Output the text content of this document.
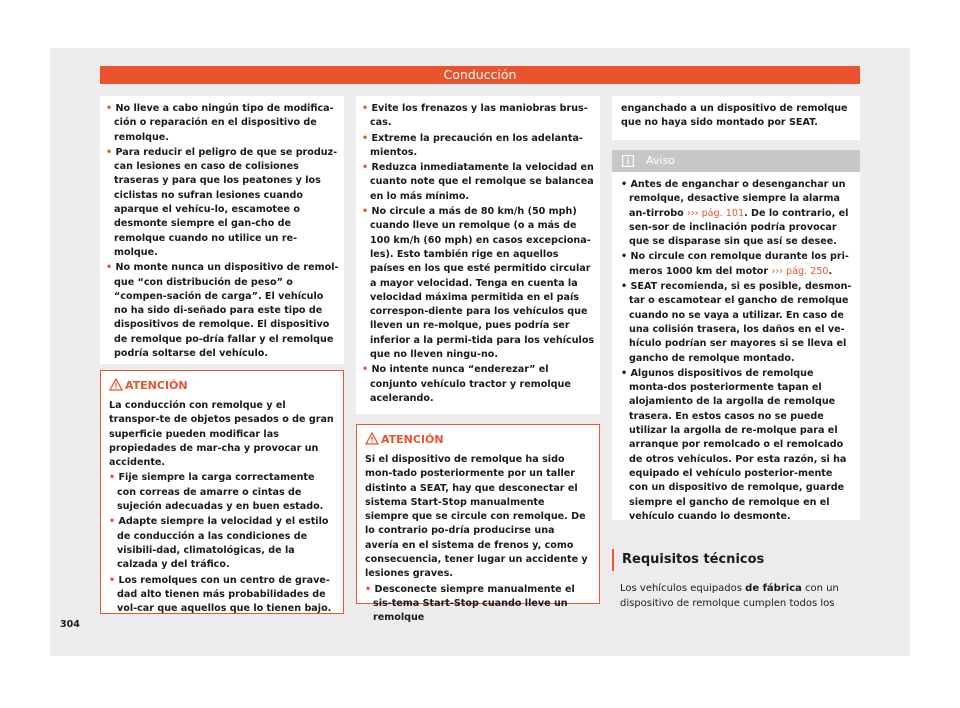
Conducción

• No lleve a cabo ningún tipo de modifica-ción o reparación en el dispositivo de remolque.

• Para reducir el peligro de que se produz-can lesiones en caso de colisiones traseras y para que los peatones y los ciclistas no sufran lesiones cuando aparque el vehícu-lo, escamotee o desmonte siempre el gan-cho de remolque cuando no utilice un re-molque.

• No monte nunca un dispositivo de remol-que “con distribución de peso” o “compen-sación de carga”. El vehículo no ha sido di-señado para este tipo de dispositivos de remolque. El dispositivo de remolque po-dría fallar y el remolque podría soltarse del vehículo.

ATENCIÓN

La conducción con remolque y el transpor-te de objetos pesados o de gran superficie pueden modificar las propiedades de mar-cha y provocar un accidente.

• Fije siempre la carga correctamente con correas de amarre o cintas de sujeción adecuadas y en buen estado.

• Adapte siempre la velocidad y el estilo de conducción a las condiciones de visibili-dad, climatológicas, de la calzada y del tráfico.

• Los remolques con un centro de grave-dad alto tienen más probabilidades de vol-car que aquellos que lo tienen bajo.

• Evite los frenazos y las maniobras brus-cas.

• Extreme la precaución en los adelanta-mientos.

• Reduzca inmediatamente la velocidad en cuanto note que el remolque se balancea en lo más mínimo.

• No circule a más de 80 km/h (50 mph) cuando lleve un remolque (o a más de 100 km/h (60 mph) en casos excepciona-les). Esto también rige en aquellos países en los que esté permitido circular a mayor velocidad. Tenga en cuenta la velocidad máxima permitida en el país correspon-diente para los vehículos que lleven un re-molque, pues podría ser inferior a la permi-tida para los vehículos que no lleven ningu-no.

• No intente nunca “enderezar” el conjunto vehículo tractor y remolque acelerando.

ATENCIÓN

Si el dispositivo de remolque ha sido mon-tado posteriormente por un taller distinto a SEAT, hay que desconectar el sistema Start-Stop manualmente siempre que se circule con remolque. De lo contrario po-dría producirse una avería en el sistema de frenos y, como consecuencia, tener lugar un accidente y lesiones graves.

• Desconecte siempre manualmente el sis-tema Start-Stop cuando lleve un remolque

enganchado a un dispositivo de remolque que no haya sido montado por SEAT.

Aviso

• Antes de enganchar o desenganchar un remolque, desactive siempre la alarma an-tirrobo ››› pág. 101. De lo contrario, el sen-sor de inclinación podría provocar que se disparase sin que así se desee.

• No circule con remolque durante los pri-meros 1000 km del motor ››› pág. 250.

• SEAT recomienda, si es posible, desmon-tar o escamotear el gancho de remolque cuando no se vaya a utilizar. En caso de una colisión trasera, los daños en el ve-hículo podrían ser mayores si se lleva el gancho de remolque montado.

• Algunos dispositivos de remolque monta-dos posteriormente tapan el alojamiento de la argolla de remolque trasera. En estos casos no se puede utilizar la argolla de re-molque para el arranque por remolcado o el remolcado de otros vehículos. Por esta razón, si ha equipado el vehículo posterior-mente con un dispositivo de remolque, guarde siempre el gancho de remolque en el vehículo cuando lo desmonte.

Requisitos técnicos
Los vehículos equipados de fábrica con un dispositivo de remolque cumplen todos los
304
